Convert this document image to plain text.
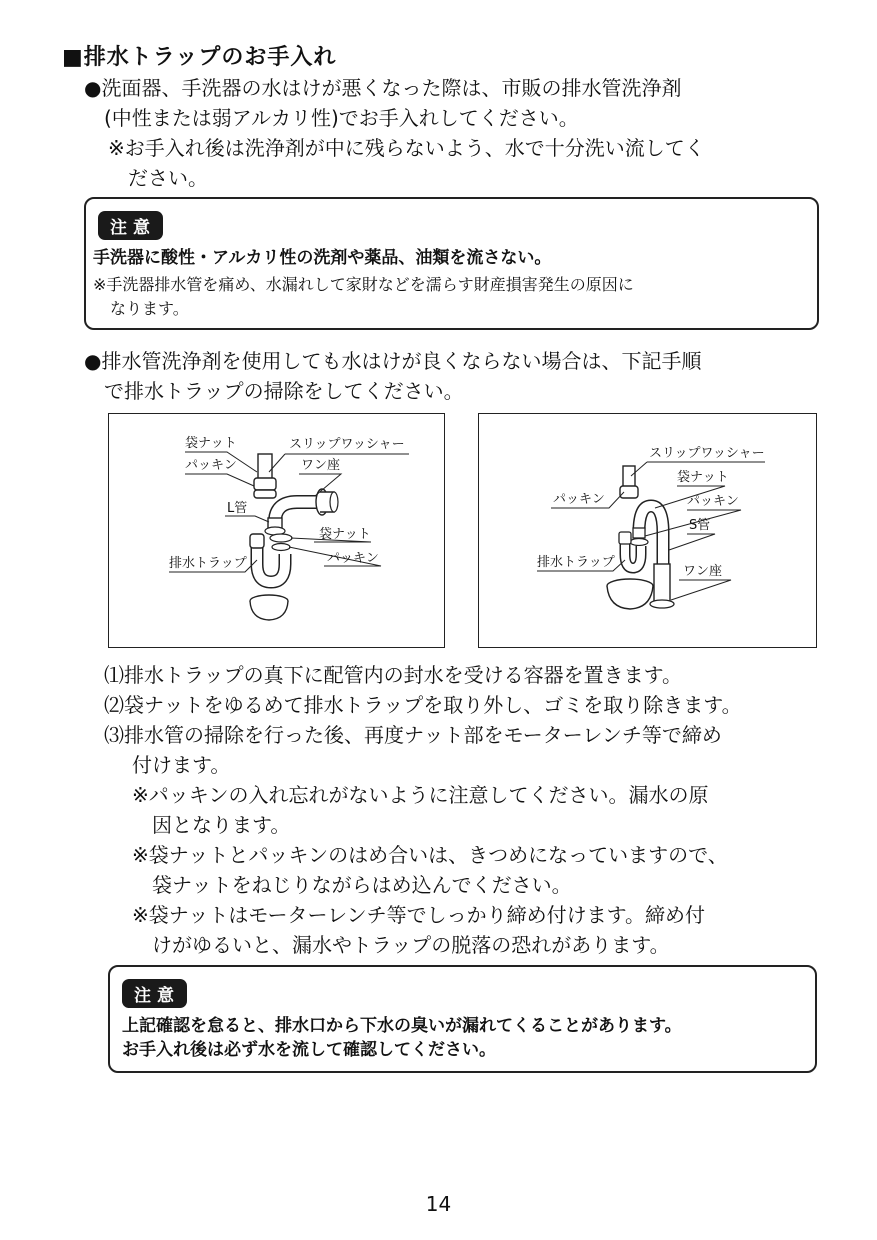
■排水トラップのお手入れ
●洗面器、手洗器の水はけが悪くなった際は、市販の排水管洗浄剤
(中性または弱アルカリ性)でお手入れしてください。
※お手入れ後は洗浄剤が中に残らないよう、水で十分洗い流してく
ださい。
注意
手洗器に酸性・アルカリ性の洗剤や薬品、油類を流さない。
※手洗器排水管を痛め、水漏れして家財などを濡らす財産損害発生の原因に
なります。
●排水管洗浄剤を使用しても水はけが良くならない場合は、下記手順
で排水トラップの掃除をしてください。
袋ナット
パッキン
スリップワッシャー
ワン座
L管
袋ナット
パッキン
排水トラップ
スリップワッシャー
袋ナット
パッキン	パッキン
S管
排水トラップ
ワン座
⑴排水トラップの真下に配管内の封水を受ける容器を置きます。
⑵袋ナットをゆるめて排水トラップを取り外し、ゴミを取り除きます。
⑶排水管の掃除を行った後、再度ナット部をモーターレンチ等で締め
付けます。
※パッキンの入れ忘れがないように注意してください。漏水の原
因となります。
※袋ナットとパッキンのはめ合いは、きつめになっていますので、
袋ナットをねじりながらはめ込んでください。
※袋ナットはモーターレンチ等でしっかり締め付けます。締め付
けがゆるいと、漏水やトラップの脱落の恐れがあります。
注意
上記確認を怠ると、排水口から下水の臭いが漏れてくることがあります。
お手入れ後は必ず水を流して確認してください。
14
